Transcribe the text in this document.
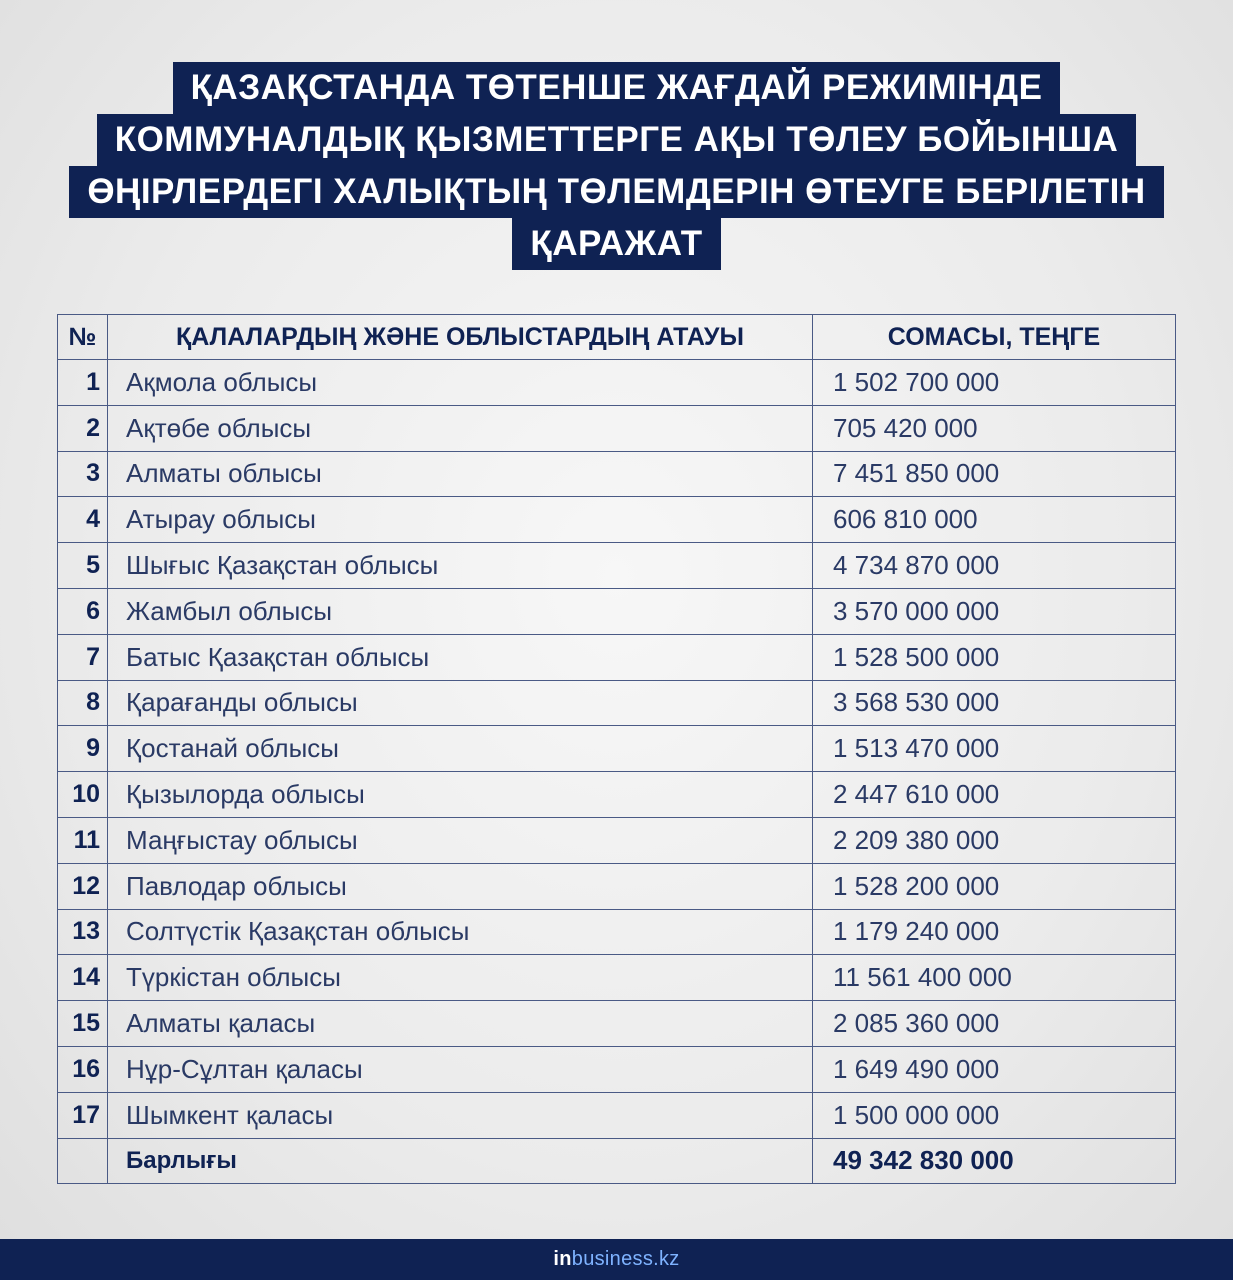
ҚАЗАҚСТАНДА ТӨТЕНШЕ ЖАҒДАЙ РЕЖИМІНДЕ
КОММУНАЛДЫҚ ҚЫЗМЕТТЕРГЕ АҚЫ ТӨЛЕУ БОЙЫНША
ӨҢІРЛЕРДЕГІ ХАЛЫҚТЫҢ ТӨЛЕМДЕРІН ӨТЕУГЕ БЕРІЛЕТІН
ҚАРАЖАТ
№	ҚАЛАЛАРДЫҢ ЖӘНЕ ОБЛЫСТАРДЫҢ АТАУЫ	СОМАСЫ, ТЕҢГЕ
1	Ақмола облысы	1 502 700 000
2	Ақтөбе облысы	705 420 000
3	Алматы облысы	7 451 850 000
4	Атырау облысы	606 810 000
5	Шығыс Қазақстан облысы	4 734 870 000
6	Жамбыл облысы	3 570 000 000
7	Батыс Қазақстан облысы	1 528 500 000
8	Қарағанды облысы	3 568 530 000
9	Қостанай облысы	1 513 470 000
10	Қызылорда облысы	2 447 610 000
11	Маңғыстау облысы	2 209 380 000
12	Павлодар облысы	1 528 200 000
13	Солтүстік Қазақстан облысы	1 179 240 000
14	Түркістан облысы	11 561 400 000
15	Алматы қаласы	2 085 360 000
16	Нұр-Сұлтан қаласы	1 649 490 000
17	Шымкент қаласы	1 500 000 000
	Барлығы	49 342 830 000
inbusiness.kz
